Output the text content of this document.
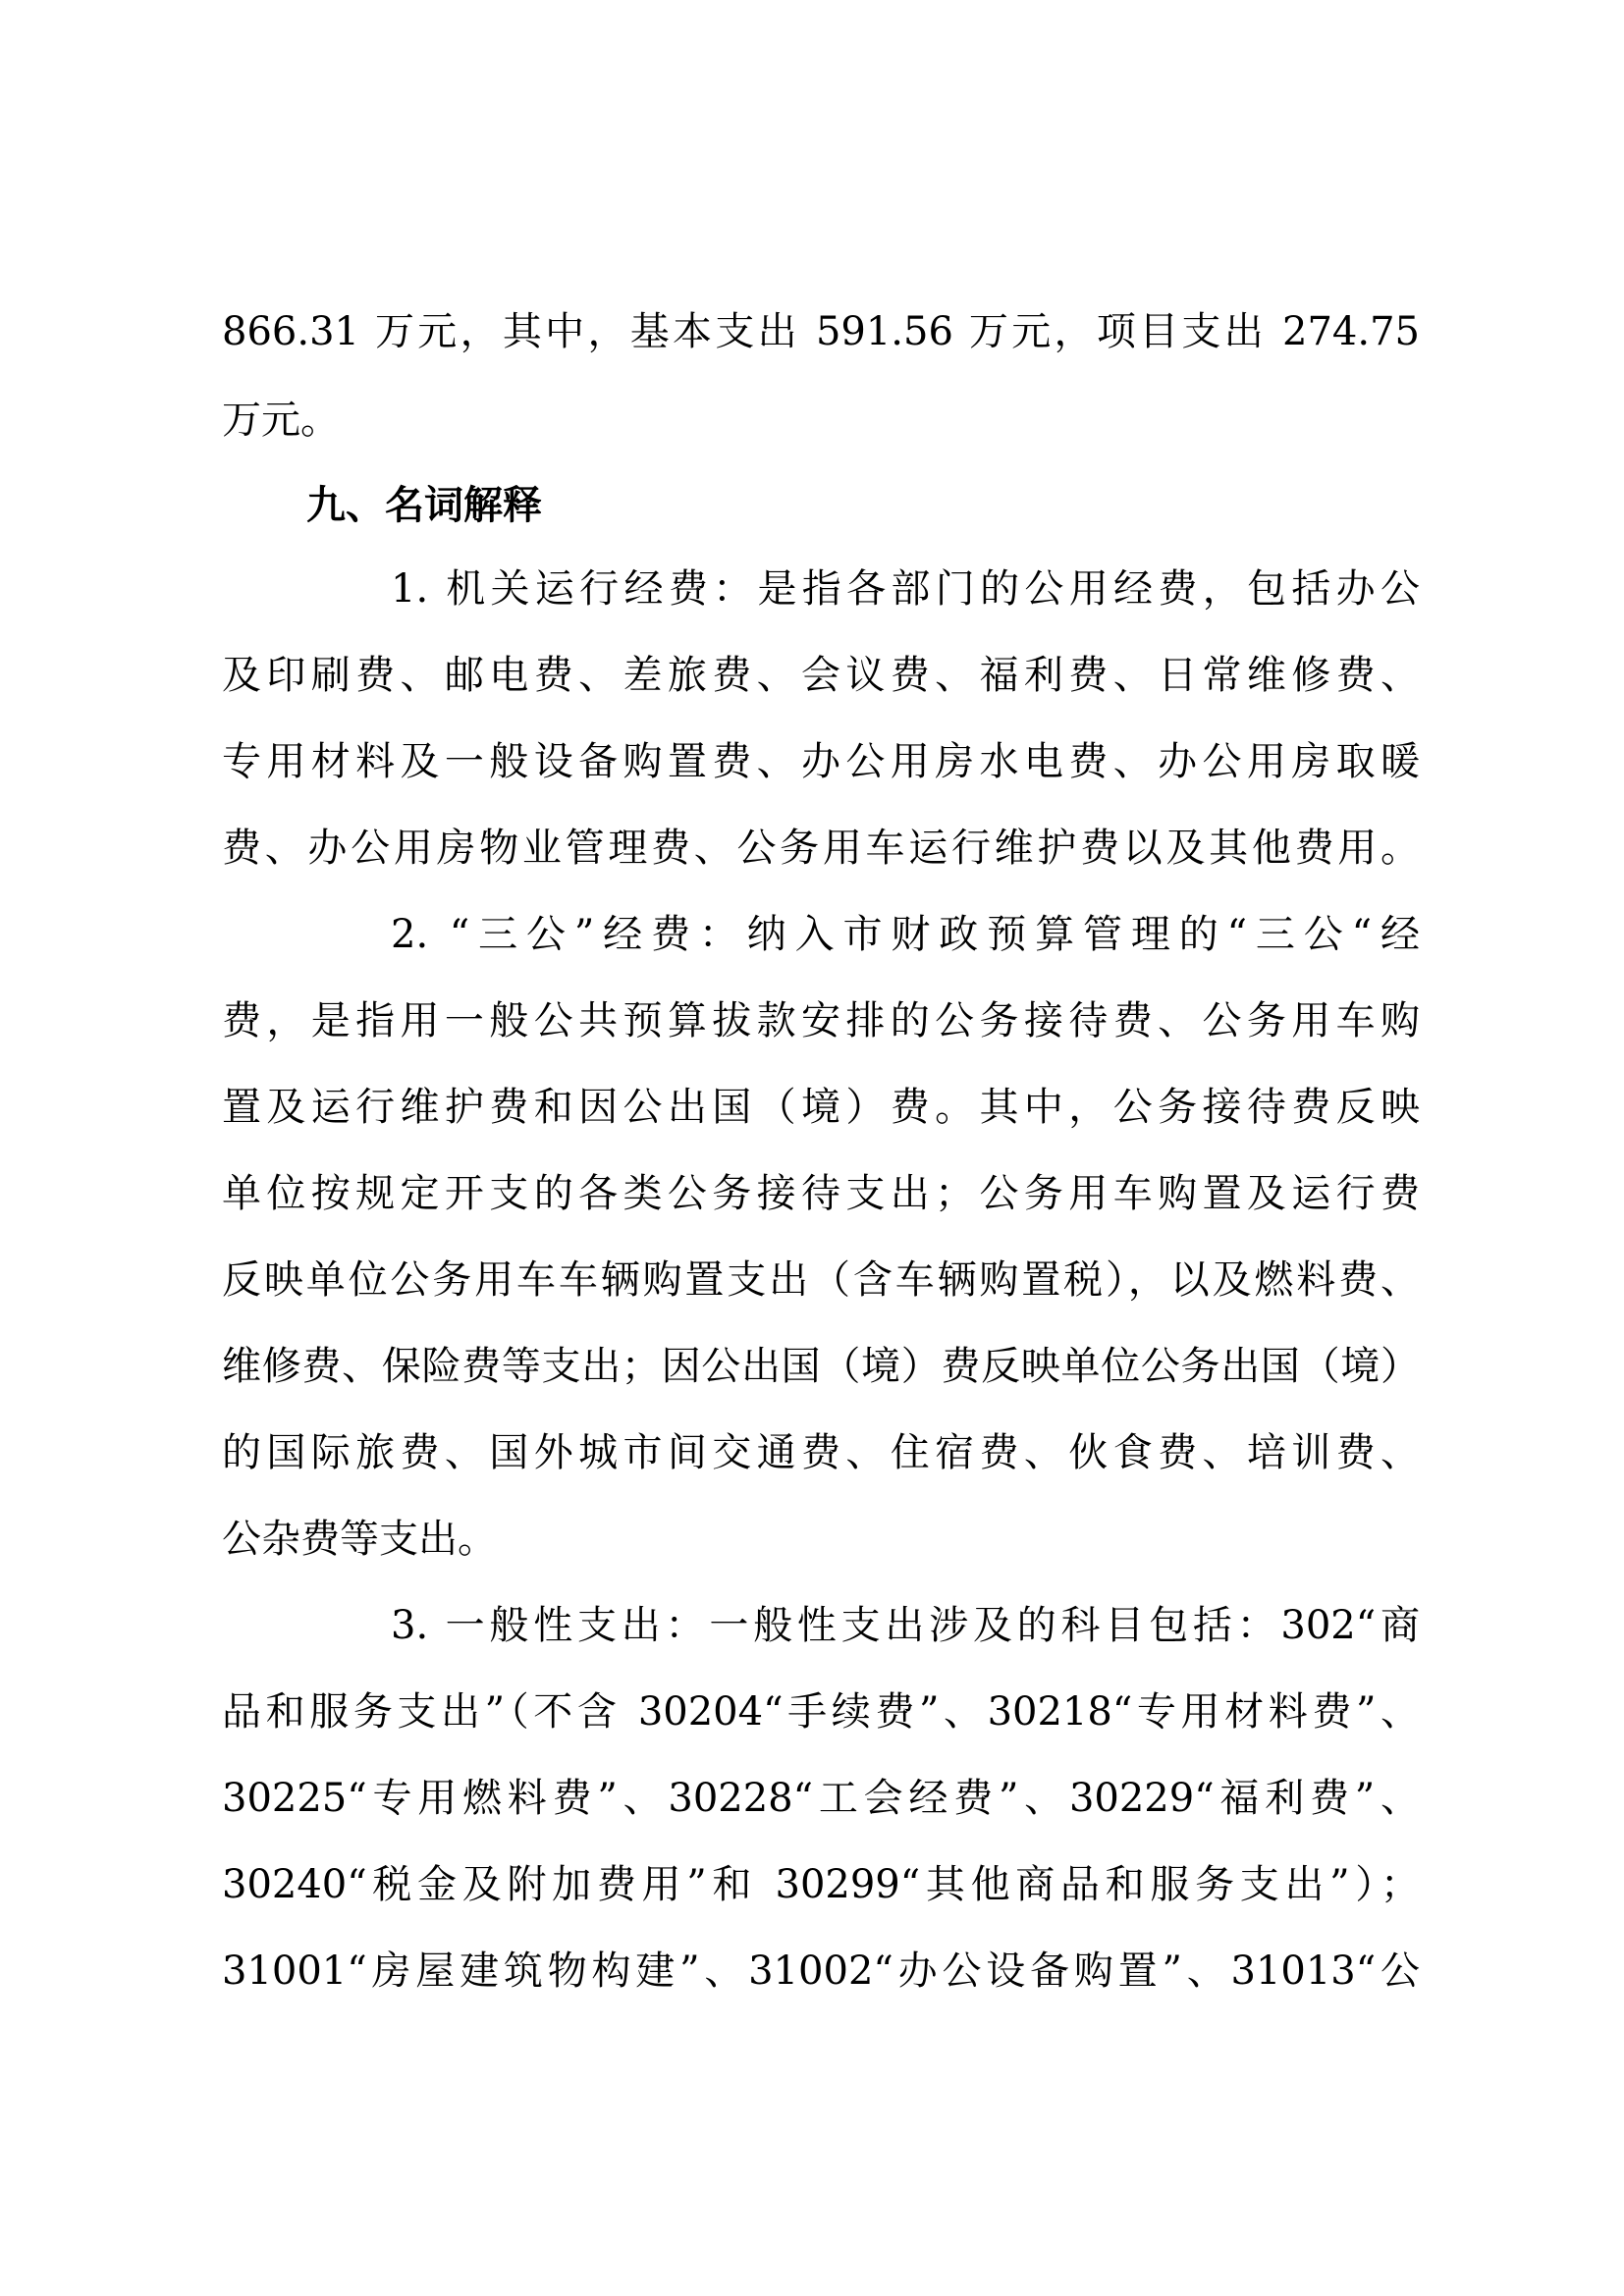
866.31 万元，其中，基本支出 591.56 万元，项目支出 274.75
万元。
九、名词解释
1. 机关运行经费：是指各部门的公用经费，包括办公
及印刷费、邮电费、差旅费、会议费、福利费、日常维修费、
专用材料及一般设备购置费、办公用房水电费、办公用房取暖
费、办公用房物业管理费、公务用车运行维护费以及其他费用。
2. “三公”经费：纳入市财政预算管理的“三公“经
费，是指用一般公共预算拔款安排的公务接待费、公务用车购
置及运行维护费和因公出国（境）费。其中，公务接待费反映
单位按规定开支的各类公务接待支出；公务用车购置及运行费
反映单位公务用车车辆购置支出（含车辆购置税），以及燃料费、
维修费、保险费等支出；因公出国（境）费反映单位公务出国（境）
的国际旅费、国外城市间交通费、住宿费、伙食费、培训费、
公杂费等支出。
3. 一般性支出：一般性支出涉及的科目包括：302“商
品和服务支出”（不含 30204“手续费”、30218“专用材料费”、
30225“专用燃料费”、30228“工会经费”、30229“福利费”、
30240“税金及附加费用”和 30299“其他商品和服务支出”）；
31001“房屋建筑物构建”、31002“办公设备购置”、31013“公
